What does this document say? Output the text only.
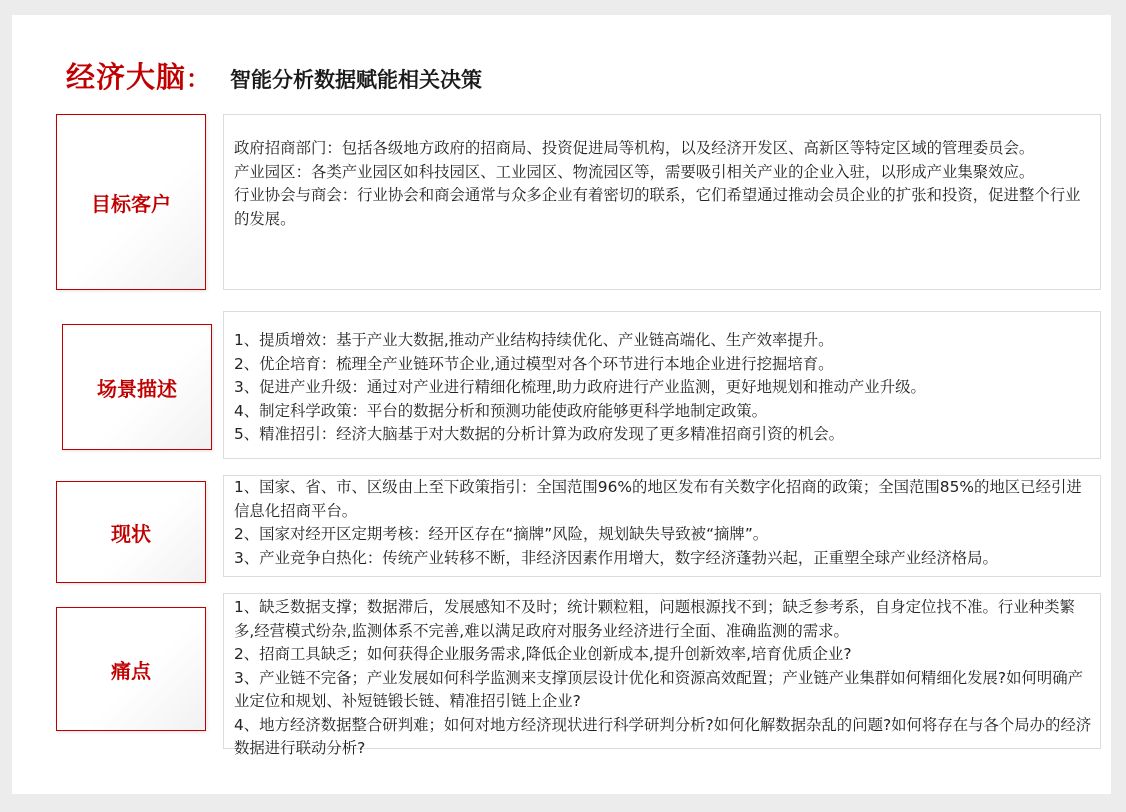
经济大脑 ： 智能分析数据赋能相关决策
目标客户

政府招商部门：包括各级地方政府的招商局、投资促进局等机构，以及经济开发区、高新区等特定区域的管理委员会。

产业园区：各类产业园区如科技园区、工业园区、物流园区等，需要吸引相关产业的企业入驻，以形成产业集聚效应。

行业协会与商会：行业协会和商会通常与众多企业有着密切的联系，它们希望通过推动会员企业的扩张和投资，促进整个行业的发展。

场景描述

1、提质增效：基于产业大数据,推动产业结构持续优化、产业链高端化、生产效率提升。

2、优企培育：梳理全产业链环节企业,通过模型对各个环节进行本地企业进行挖掘培育。

3、促进产业升级：通过对产业进行精细化梳理,助力政府进行产业监测，更好地规划和推动产业升级。

4、制定科学政策：平台的数据分析和预测功能使政府能够更科学地制定政策。

5、精准招引：经济大脑基于对大数据的分析计算为政府发现了更多精准招商引资的机会。

现状

1、国家、省、市、区级由上至下政策指引：全国范围96%的地区发布有关数字化招商的政策；全国范围85%的地区已经引进信息化招商平台。

2、国家对经开区定期考核：经开区存在“摘牌”风险，规划缺失导致被“摘牌”。

3、产业竞争白热化：传统产业转移不断，非经济因素作用增大，数字经济蓬勃兴起，正重塑全球产业经济格局。

痛点

1、缺乏数据支撑；数据滞后，发展感知不及时；统计颗粒粗，问题根源找不到；缺乏参考系，自身定位找不准。行业种类繁多,经营模式纷杂,监测体系不完善,难以满足政府对服务业经济进行全面、准确监测的需求。

2、招商工具缺乏；如何获得企业服务需求,降低企业创新成本,提升创新效率,培育优质企业?

3、产业链不完备；产业发展如何科学监测来支撑顶层设计优化和资源高效配置；产业链产业集群如何精细化发展?如何明确产业定位和规划、补短链锻长链、精准招引链上企业?

4、地方经济数据整合研判难；如何对地方经济现状进行科学研判分析?如何化解数据杂乱的问题?如何将存在与各个局办的经济数据进行联动分析?
